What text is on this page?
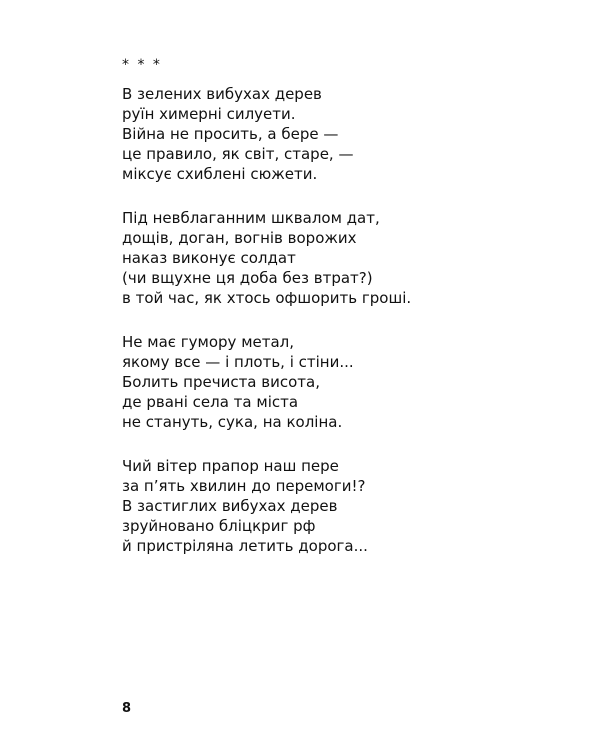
* * *
В зелених вибухах дерев
руїн химерні силуети.
Війна не просить, а бере —
це правило, як світ, старе, —
міксує схиблені сюжети.
Під невблаганним шквалом дат,
дощів, доган, вогнів ворожих
наказ виконує солдат
(чи вщухне ця доба без втрат?)
в той час, як хтось офшорить гроші.
Не має гумору метал,
якому все — і плоть, і стіни...
Болить пречиста висота,
де рвані села та міста
не стануть, сука, на коліна.
Чий вітер прапор наш пере
за п’ять хвилин до перемоги!?
В застиглих вибухах дерев
зруйновано бліцкриг рф
й пристріляна летить дорога...
8
